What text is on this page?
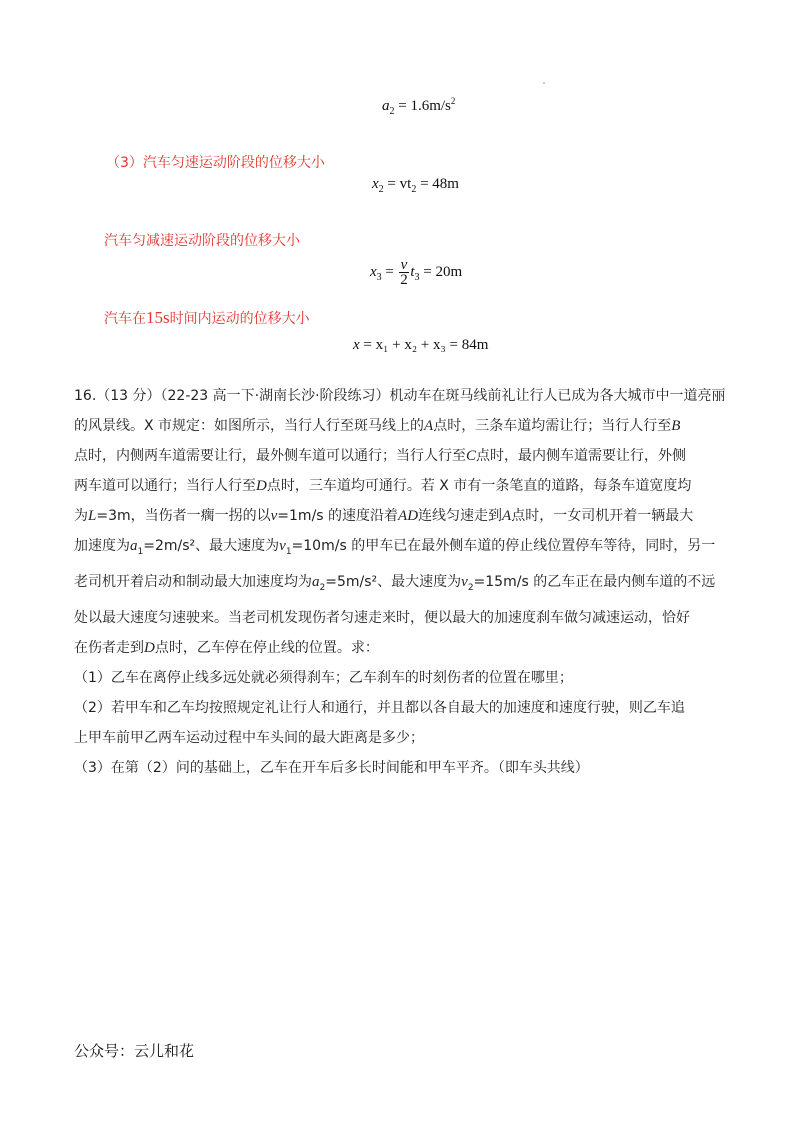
$a_2 = 1.6m/s^2$
（3）汽车匀速运动阶段的位移大小
$x_2 = vt_2 = 48m$
汽车匀减速运动阶段的位移大小
$x_3 = \frac{v}{2} t_3 = 20m$
汽车在15s时间内运动的位移大小
x = x₁ + x₂ + x₃ = 84m

16.（13 分）（22-23 高一下·湖南长沙·阶段练习）机动车在斑马线前礼让行人已成为各大城市中一道亮丽

的风景线。X 市规定：如图所示，当行人行至斑马线上的A点时，三条车道均需让行；当行人行至B

点时，内侧两车道需要让行，最外侧车道可以通行；当行人行至C点时，最内侧车道需要让行，外侧

两车道可以通行；当行人行至D点时，三车道均可通行。若 X 市有一条笔直的道路，每条车道宽度均

为L=3m，当伤者一瘸一拐的以v=1m/s 的速度沿着AD连线匀速走到A点时，一女司机开着一辆最大

加速度为$a_1=2m/s^2$、最大速度为$v_1=10m/s$ 的甲车已在最外侧车道的停止线位置停车等待，同时，另一

老司机开着启动和制动最大加速度均为$a_2=5m/s^2$、最大速度为$v_2=15m/s$ 的乙车正在最内侧车道的不远

处以最大速度匀速驶来。当老司机发现伤者匀速走来时，便以最大的加速度刹车做匀减速运动，恰好

在伤者走到D点时，乙车停在停止线的位置。求：

（1）乙车在离停止线多远处就必须得刹车；乙车刹车的时刻伤者的位置在哪里；

（2）若甲车和乙车均按照规定礼让行人和通行，并且都以各自最大的加速度和速度行驶，则乙车追

上甲车前甲乙两车运动过程中车头间的最大距离是多少；

（3）在第（2）问的基础上，乙车在开车后多长时间能和甲车平齐。（即车头共线）

公众号：云儿和花
